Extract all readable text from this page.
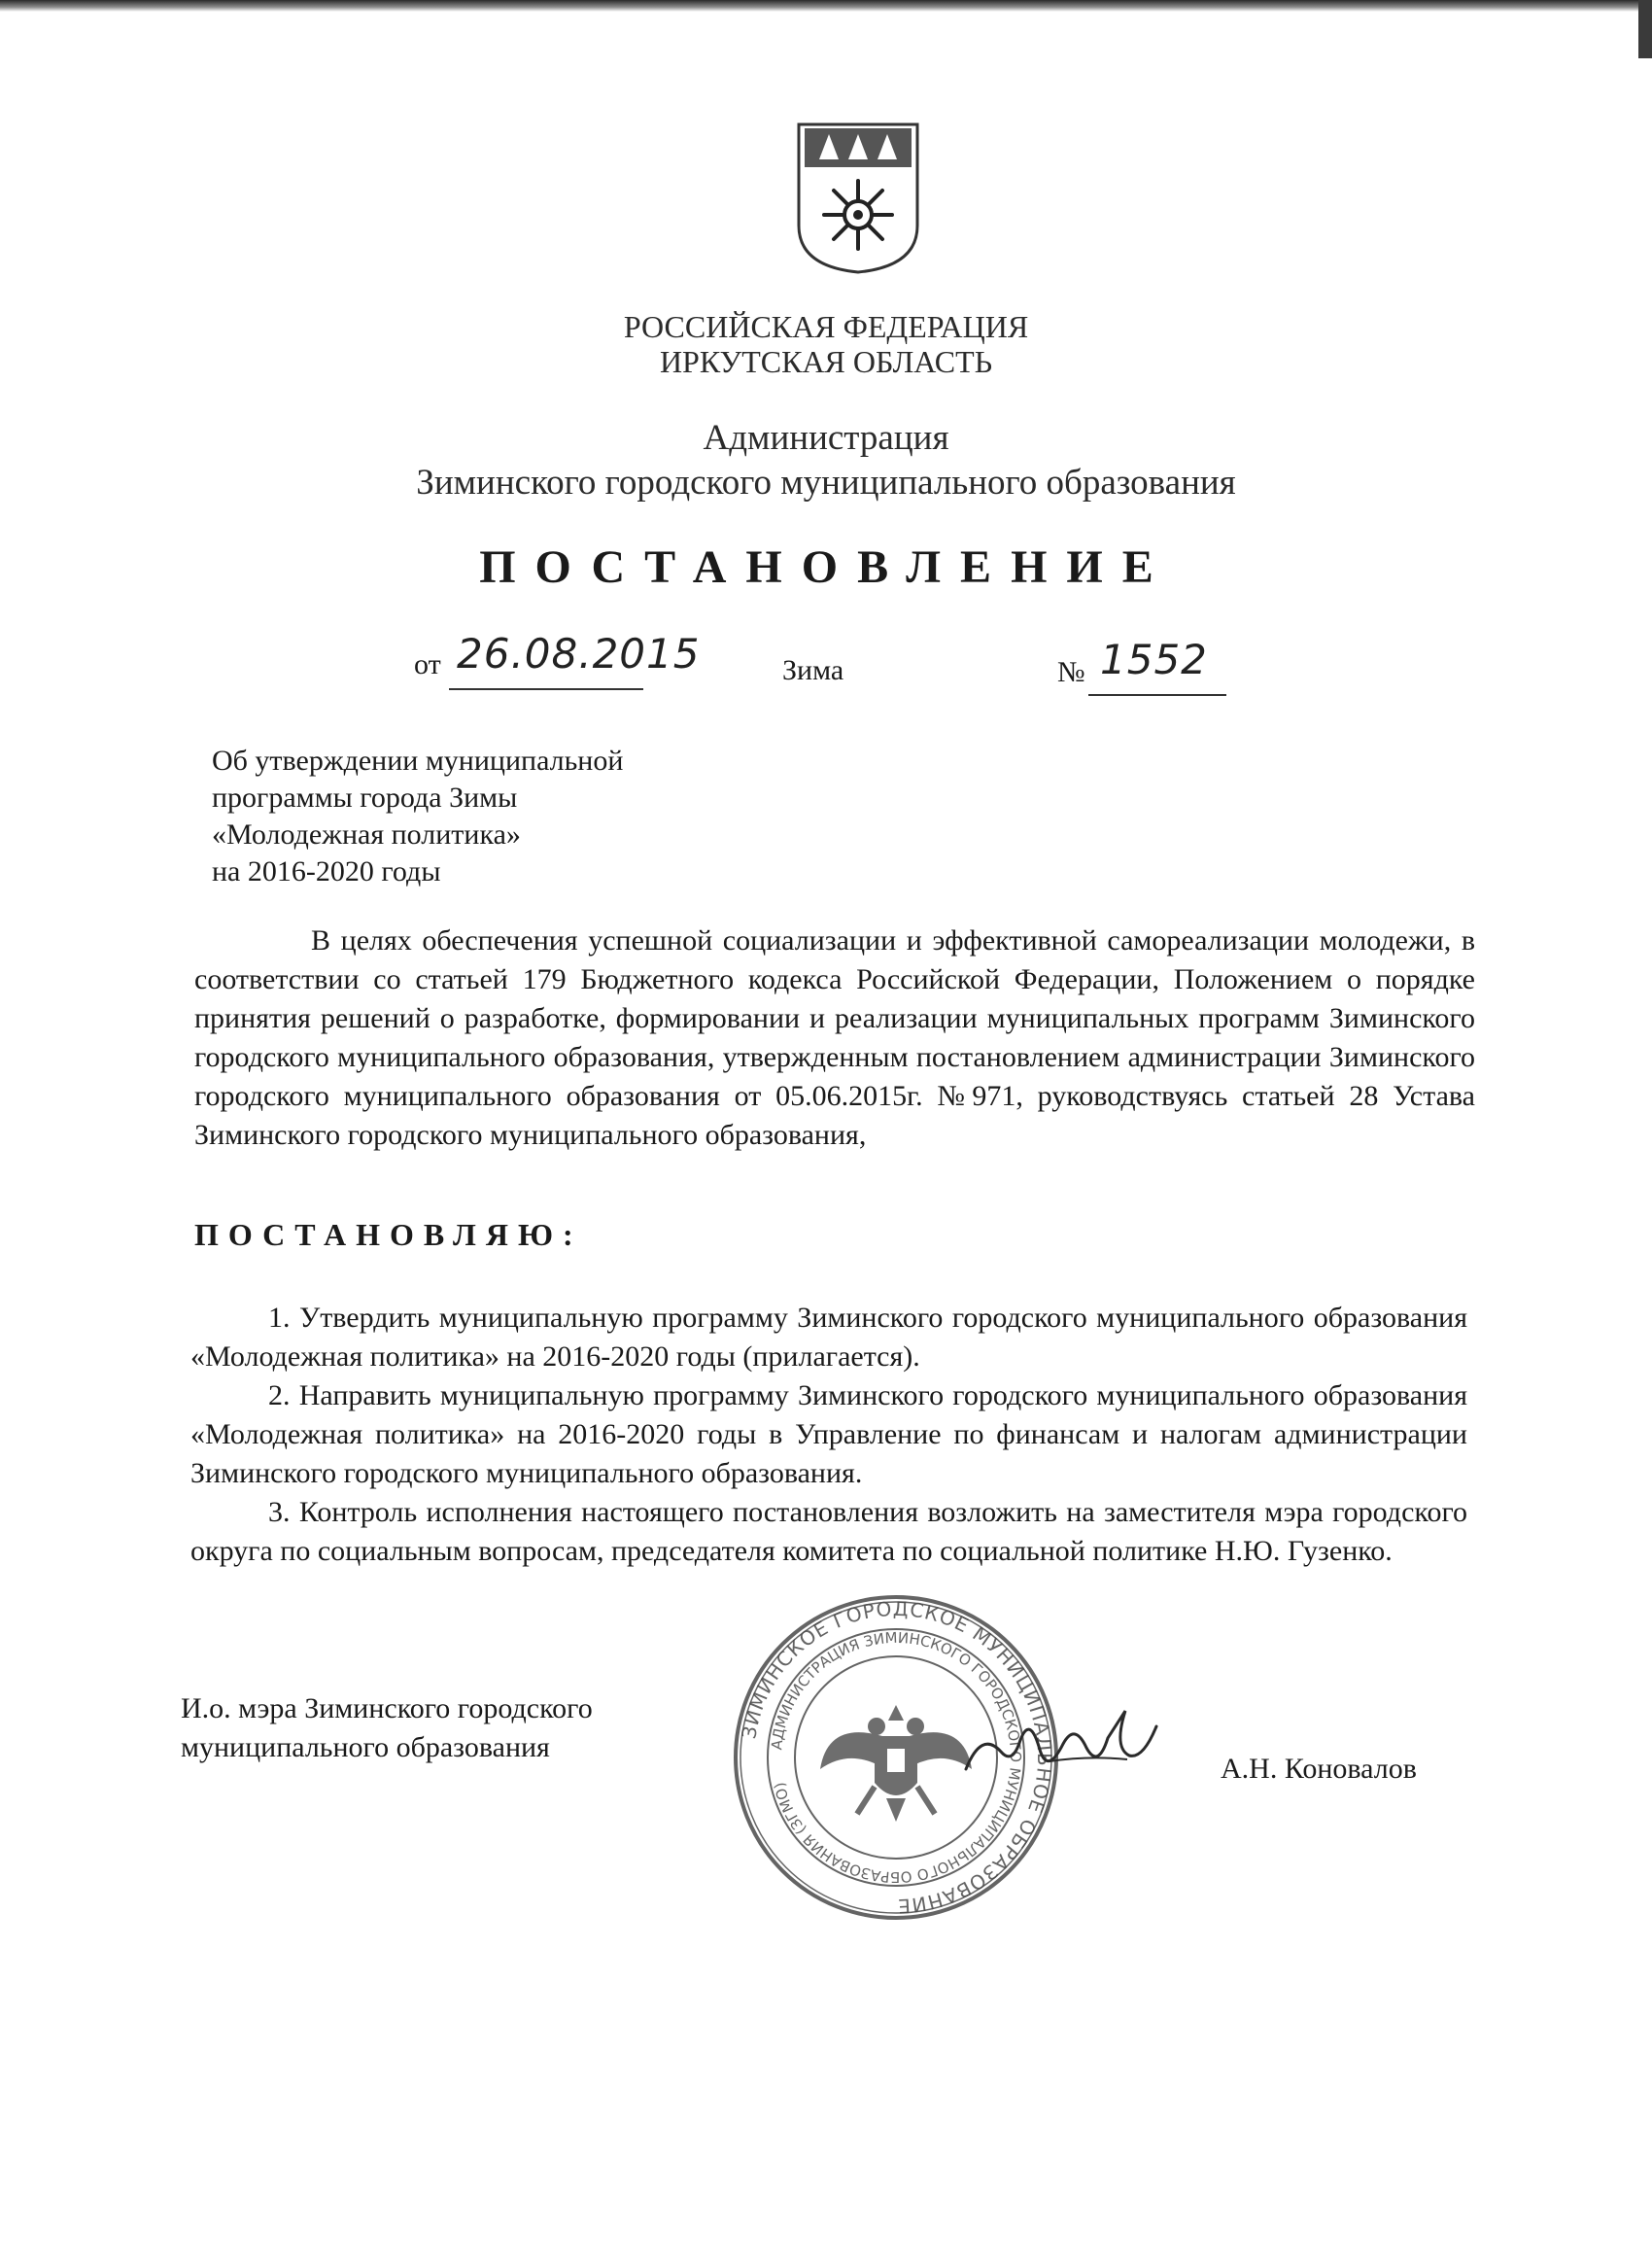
РОССИЙСКАЯ ФЕДЕРАЦИЯ
ИРКУТСКАЯ ОБЛАСТЬ
Администрация
Зиминского городского муниципального образования
ПОСТАНОВЛЕНИЕ
от 26.08.2015	Зима	№ 1552
Об утверждении муниципальной
программы города Зимы
«Молодежная политика»
на 2016-2020 годы

В целях обеспечения успешной социализации и эффективной самореализации молодежи, в соответствии со статьей 179 Бюджетного кодекса Российской Федерации, Положением о порядке принятия решений о разработке, формировании и реализации муниципальных программ Зиминского городского муниципального образования, утвержденным постановлением администрации Зиминского городского муниципального образования от 05.06.2015г. №971, руководствуясь статьей 28 Устава Зиминского городского муниципального образования,

ПОСТАНОВЛЯЮ:

1. Утвердить муниципальную программу Зиминского городского муниципального образования «Молодежная политика» на 2016-2020 годы (прилагается).

2. Направить муниципальную программу Зиминского городского муниципального образования «Молодежная политика» на 2016-2020 годы в Управление по финансам и налогам администрации Зиминского городского муниципального образования.

3. Контроль исполнения настоящего постановления возложить на заместителя мэра городского округа по социальным вопросам, председателя комитета по социальной политике Н.Ю. Гузенко.

И.о. мэра Зиминского городского
муниципального образования
А.Н. Коновалов
ЗИМИНСКОЕ ГОРОДСКОЕ МУНИЦИПАЛЬНОЕ ОБРАЗОВАНИЕ
АДМИНИСТРАЦИЯ ЗИМИНСКОГО ГОРОДСКОГО МУНИЦИПАЛЬНОГО ОБРАЗОВАНИЯ (ЗГМО)
